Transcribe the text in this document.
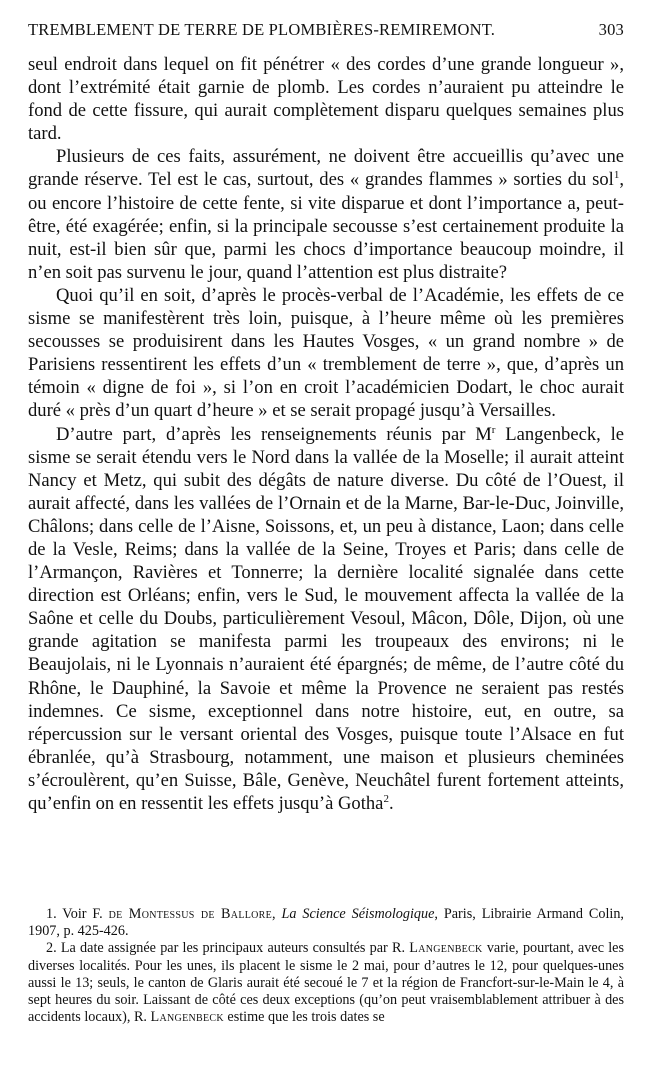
TREMBLEMENT DE TERRE DE PLOMBIÈRES-REMIREMONT.	303

seul endroit dans lequel on fit pénétrer « des cordes d’une grande longueur », dont l’extrémité était garnie de plomb. Les cordes n’auraient pu atteindre le fond de cette fissure, qui aurait complètement disparu quelques semaines plus tard.

Plusieurs de ces faits, assurément, ne doivent être accueillis qu’avec une grande réserve. Tel est le cas, surtout, des « grandes flammes » sorties du sol$^1$, ou encore l’histoire de cette fente, si vite disparue et dont l’importance a, peut-être, été exagérée; enfin, si la principale secousse s’est certainement produite la nuit, est-il bien sûr que, parmi les chocs d’importance beaucoup moindre, il n’en soit pas survenu le jour, quand l’attention est plus distraite?

Quoi qu’il en soit, d’après le procès-verbal de l’Académie, les effets de ce sisme se manifestèrent très loin, puisque, à l’heure même où les premières secousses se produisirent dans les Hautes Vosges, « un grand nombre » de Parisiens ressentirent les effets d’un « tremblement de terre », que, d’après un témoin « digne de foi », si l’on en croit l’académicien Dodart, le choc aurait duré « près d’un quart d’heure » et se serait propagé jusqu’à Versailles.

D’autre part, d’après les renseignements réunis par $M^r$ Langenbeck, le sisme se serait étendu vers le Nord dans la vallée de la Moselle; il aurait atteint Nancy et Metz, qui subit des dégâts de nature diverse. Du côté de l’Ouest, il aurait affecté, dans les vallées de l’Ornain et de la Marne, Bar-le-Duc, Joinville, Châlons; dans celle de l’Aisne, Soissons, et, un peu à distance, Laon; dans celle de la Vesle, Reims; dans la vallée de la Seine, Troyes et Paris; dans celle de l’Armançon, Ravières et Tonnerre; la dernière localité signalée dans cette direction est Orléans; enfin, vers le Sud, le mouvement affecta la vallée de la Saône et celle du Doubs, particulièrement Vesoul, Mâcon, Dôle, Dijon, où une grande agitation se manifesta parmi les troupeaux des environs; ni le Beaujolais, ni le Lyonnais n’auraient été épargnés; de même, de l’autre côté du Rhône, le Dauphiné, la Savoie et même la Provence ne seraient pas restés indemnes. Ce sisme, exceptionnel dans notre histoire, eut, en outre, sa répercussion sur le versant oriental des Vosges, puisque toute l’Alsace en fut ébranlée, qu’à Strasbourg, notamment, une maison et plusieurs cheminées s’écroulèrent, qu’en Suisse, Bâle, Genève, Neuchâtel furent fortement atteints, qu’enfin on en ressentit les effets jusqu’à Gotha$^2$.

1. Voir F. de Montessus de Ballore, La Science Séismologique, Paris, Librairie Armand Colin, 1907, p. 425-426.

2. La date assignée par les principaux auteurs consultés par R. Langenbeck varie, pourtant, avec les diverses localités. Pour les unes, ils placent le sisme le 2 mai, pour d’autres le 12, pour quelques-unes aussi le 13; seuls, le canton de Glaris aurait été secoué le 7 et la région de Francfort-sur-le-Main le 4, à sept heures du soir. Laissant de côté ces deux exceptions (qu’on peut vraisemblablement attribuer à des accidents locaux), R. Langenbeck estime que les trois dates se
